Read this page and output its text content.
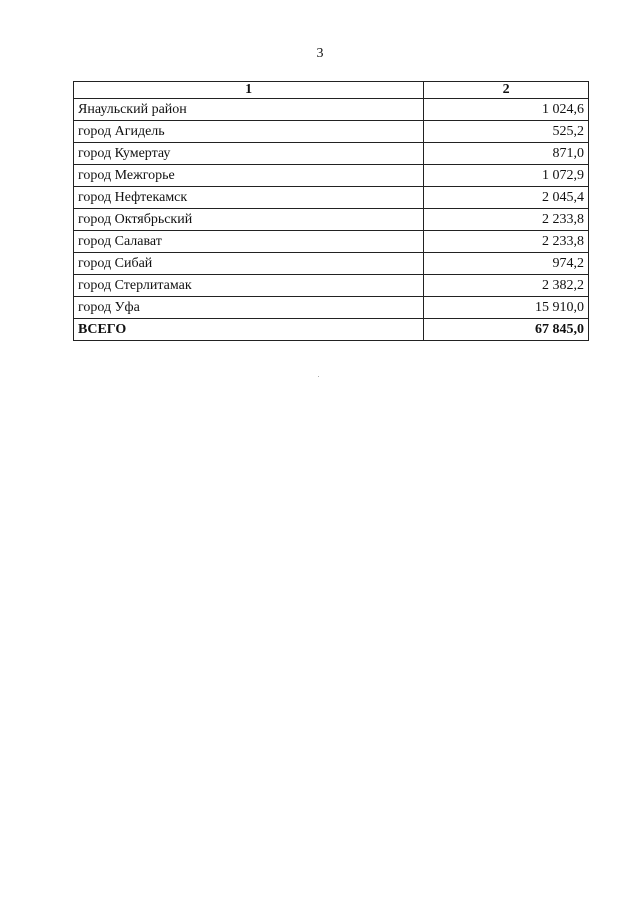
3
1	2
Янаульский район	1 024,6
город Агидель	525,2
город Кумертау	871,0
город Межгорье	1 072,9
город Нефтекамск	2 045,4
город Октябрьский	2 233,8
город Салават	2 233,8
город Сибай	974,2
город Стерлитамак	2 382,2
город Уфа	15 910,0
ВСЕГО	67 845,0
